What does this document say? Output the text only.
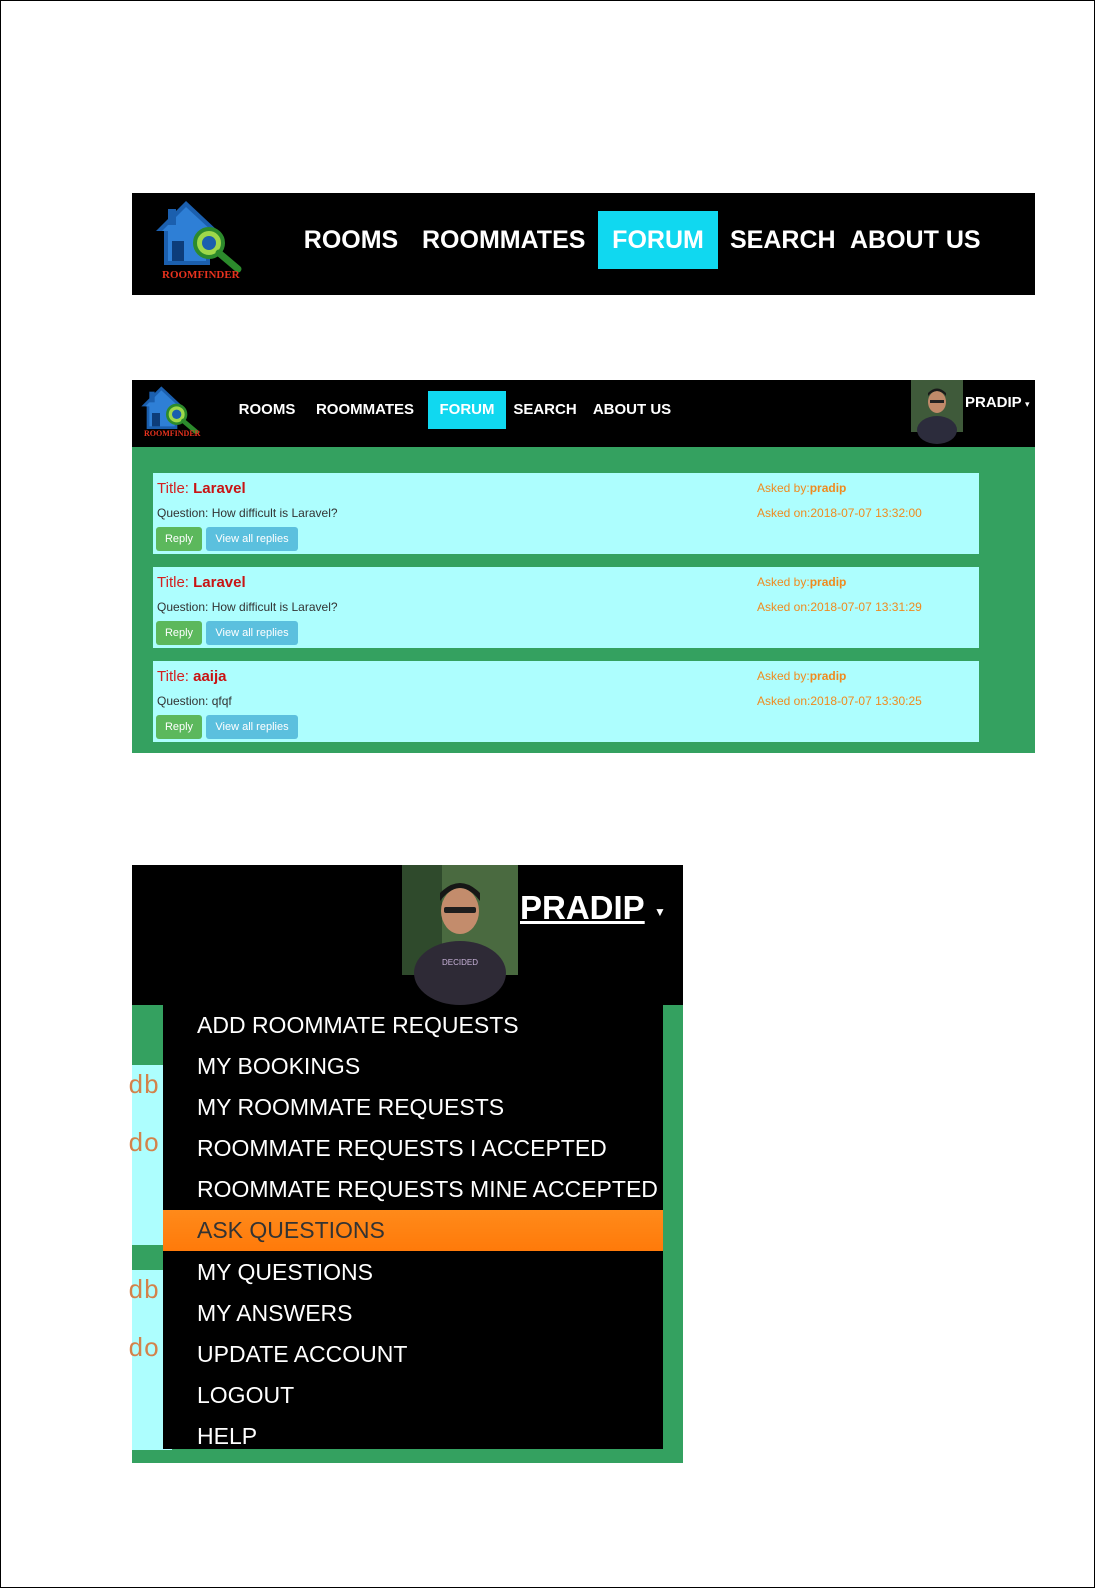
ROOMFINDER
ROOMS ROOMMATES	FORUM	SEARCH ABOUT US
ROOMFINDER
ROOMS	ROOMMATES	FORUM	SEARCH	ABOUT US	PRADIP ▾
Title: Laravel
Question: How difficult is Laravel?
Asked by:pradip
Asked on:2018-07-07 13:32:00
Reply	View all replies
Title: Laravel
Question: How difficult is Laravel?
Asked by:pradip
Asked on:2018-07-07 13:31:29
Reply	View all replies
Title: aaija
Question: qfqf
Asked by:pradip
Asked on:2018-07-07 13:30:25
Reply	View all replies
db
do
db
do
DECIDED
PRADIP ▼
ADD ROOMMATE REQUESTS
MY BOOKINGS
MY ROOMMATE REQUESTS
ROOMMATE REQUESTS I ACCEPTED
ROOMMATE REQUESTS MINE ACCEPTED
ASK QUESTIONS
MY QUESTIONS
MY ANSWERS
UPDATE ACCOUNT
LOGOUT
HELP
